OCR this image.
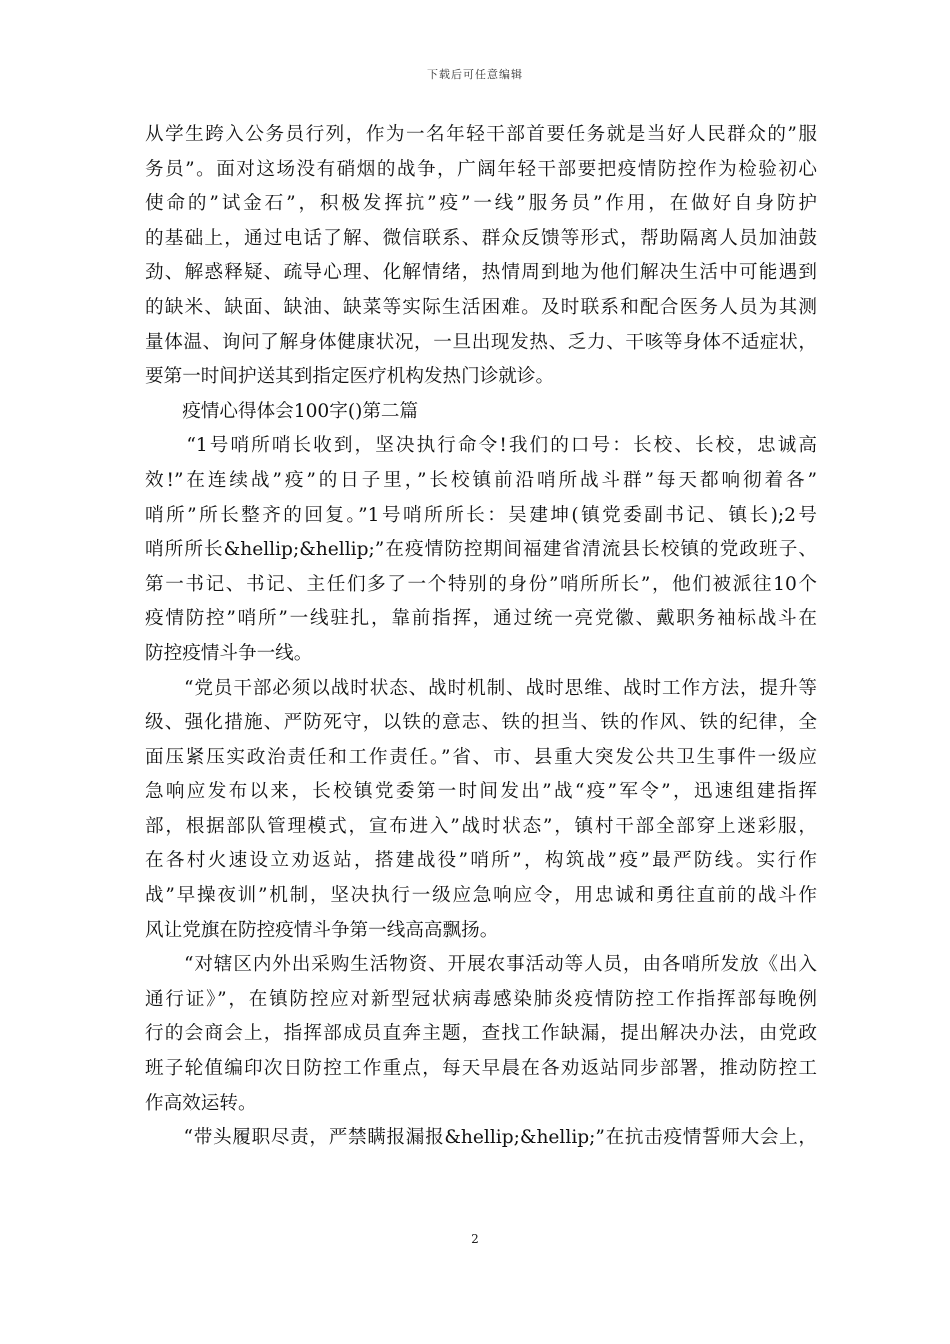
下载后可任意编辑
从学生跨入公务员行列，作为一名年轻干部首要任务就是当好人民群众的”服
务员”。面对这场没有硝烟的战争，广阔年轻干部要把疫情防控作为检验初心
使命的”试金石”，积极发挥抗”疫”一线”服务员”作用，在做好自身防护
的基础上，通过电话了解、微信联系、群众反馈等形式，帮助隔离人员加油鼓
劲、解惑释疑、疏导心理、化解情绪，热情周到地为他们解决生活中可能遇到
的缺米、缺面、缺油、缺菜等实际生活困难。及时联系和配合医务人员为其测
量体温、询问了解身体健康状况，一旦出现发热、乏力、干咳等身体不适症状，
要第一时间护送其到指定医疗机构发热门诊就诊。
　　疫情心得体会100字()第二篇
　　“1号哨所哨长收到，坚决执行命令!我们的口号：长校、长校，忠诚高
效!”在连续战”疫”的日子里，”长校镇前沿哨所战斗群”每天都响彻着各”
哨所”所长整齐的回复。”1号哨所所长：吴建坤(镇党委副书记、镇长);2号
哨所所长&hellip;&hellip;”在疫情防控期间福建省清流县长校镇的党政班子、
第一书记、书记、主任们多了一个特别的身份”哨所所长”，他们被派往10个
疫情防控”哨所”一线驻扎，靠前指挥，通过统一亮党徽、戴职务袖标战斗在
防控疫情斗争一线。
　　“党员干部必须以战时状态、战时机制、战时思维、战时工作方法，提升等
级、强化措施、严防死守，以铁的意志、铁的担当、铁的作风、铁的纪律，全
面压紧压实政治责任和工作责任。”省、市、县重大突发公共卫生事件一级应
急响应发布以来，长校镇党委第一时间发出”战“疫”军令”，迅速组建指挥
部，根据部队管理模式，宣布进入”战时状态”，镇村干部全部穿上迷彩服，
在各村火速设立劝返站，搭建战役”哨所”，构筑战”疫”最严防线。实行作
战”早操夜训”机制，坚决执行一级应急响应令，用忠诚和勇往直前的战斗作
风让党旗在防控疫情斗争第一线高高飘扬。
　　“对辖区内外出采购生活物资、开展农事活动等人员，由各哨所发放《出入
通行证》”，在镇防控应对新型冠状病毒感染肺炎疫情防控工作指挥部每晚例
行的会商会上，指挥部成员直奔主题，查找工作缺漏，提出解决办法，由党政
班子轮值编印次日防控工作重点，每天早晨在各劝返站同步部署，推动防控工
作高效运转。
　　“带头履职尽责，严禁瞒报漏报&hellip;&hellip;”在抗击疫情誓师大会上，
2
